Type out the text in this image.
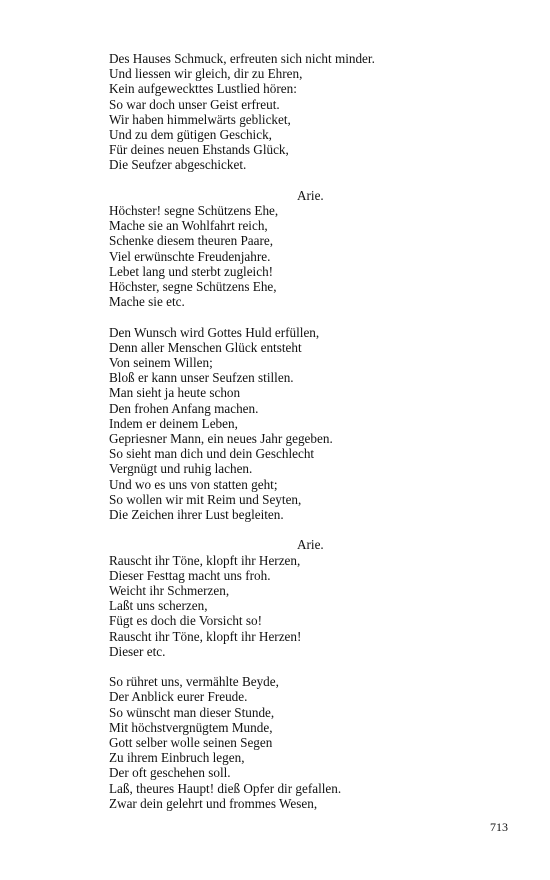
Des Hauses Schmuck, erfreuten sich nicht minder.
Und liessen wir gleich, dir zu Ehren,
Kein aufgeweckttes Lustlied hören:
So war doch unser Geist erfreut.
Wir haben himmelwärts geblicket,
Und zu dem gütigen Geschick,
Für deines neuen Ehstands Glück,
Die Seufzer abgeschicket.
Arie.
Höchster! segne Schützens Ehe,
Mache sie an Wohlfahrt reich,
Schenke diesem theuren Paare,
Viel erwünschte Freudenjahre.
Lebet lang und sterbt zugleich!
Höchster, segne Schützens Ehe,
Mache sie etc.
Den Wunsch wird Gottes Huld erfüllen,
Denn aller Menschen Glück entsteht
Von seinem Willen;
Bloß er kann unser Seufzen stillen.
Man sieht ja heute schon
Den frohen Anfang machen.
Indem er deinem Leben,
Gepriesner Mann, ein neues Jahr gegeben.
So sieht man dich und dein Geschlecht
Vergnügt und ruhig lachen.
Und wo es uns von statten geht;
So wollen wir mit Reim und Seyten,
Die Zeichen ihrer Lust begleiten.
Arie.
Rauscht ihr Töne, klopft ihr Herzen,
Dieser Festtag macht uns froh.
Weicht ihr Schmerzen,
Laßt uns scherzen,
Fügt es doch die Vorsicht so!
Rauscht ihr Töne, klopft ihr Herzen!
Dieser etc.
So rühret uns, vermählte Beyde,
Der Anblick eurer Freude.
So wünscht man dieser Stunde,
Mit höchstvergnügtem Munde,
Gott selber wolle seinen Segen
Zu ihrem Einbruch legen,
Der oft geschehen soll.
Laß, theures Haupt! dieß Opfer dir gefallen.
Zwar dein gelehrt und frommes Wesen,
713
